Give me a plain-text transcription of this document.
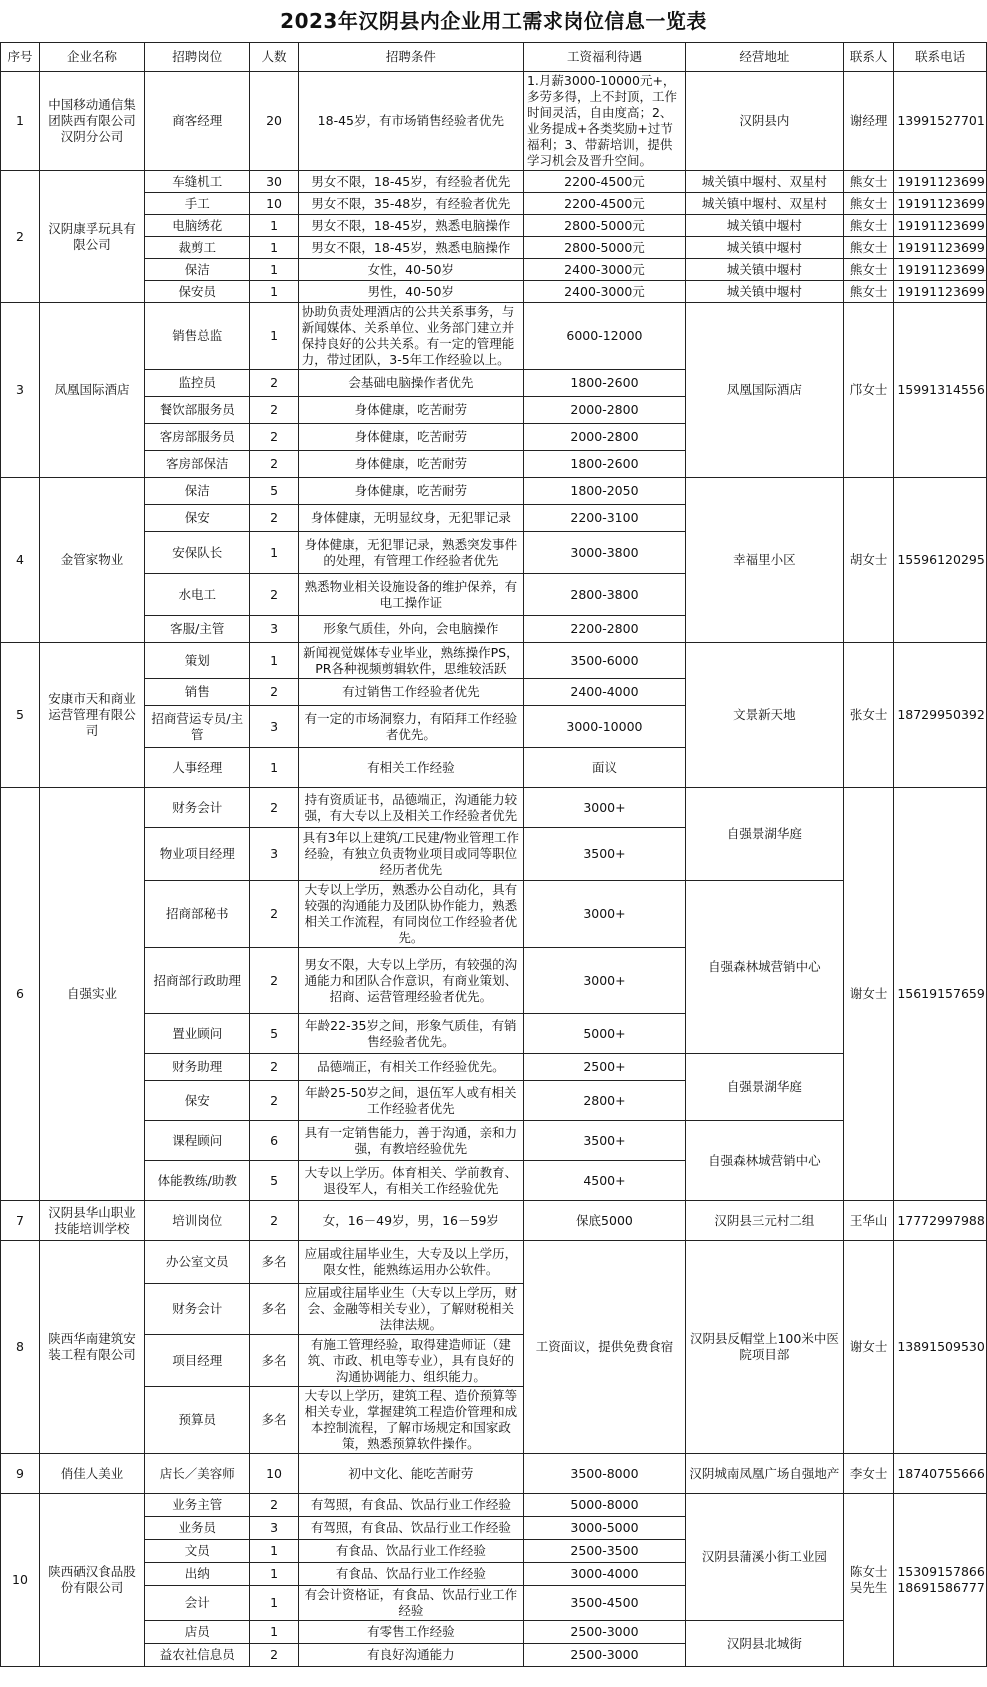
2023年汉阴县内企业用工需求岗位信息一览表
序号	企业名称	招聘岗位	人数	招聘条件	工资福利待遇	经营地址	联系人	联系电话
1	中国移动通信集团陕西有限公司汉阴分公司	商客经理	20	18-45岁，有市场销售经验者优先	1.月薪3000-10000元+，多劳多得，上不封顶，工作时间灵活，自由度高；2、业务提成+各类奖励+过节福利；3、带薪培训，提供学习机会及晋升空间。	汉阴县内	谢经理	13991527701
2	汉阴康孚玩具有限公司	车缝机工	30	男女不限，18-45岁，有经验者优先	2200-4500元	城关镇中堰村、双星村	熊女士	19191123699
		手工	10	男女不限，35-48岁，有经验者优先	2200-4500元	城关镇中堰村、双星村	熊女士	19191123699
		电脑绣花	1	男女不限，18-45岁，熟悉电脑操作	2800-5000元	城关镇中堰村	熊女士	19191123699
		裁剪工	1	男女不限，18-45岁，熟悉电脑操作	2800-5000元	城关镇中堰村	熊女士	19191123699
		保洁	1	女性，40-50岁	2400-3000元	城关镇中堰村	熊女士	19191123699
		保安员	1	男性，40-50岁	2400-3000元	城关镇中堰村	熊女士	19191123699
3	凤凰国际酒店	销售总监	1	协助负责处理酒店的公共关系事务，与新闻媒体、关系单位、业务部门建立并保持良好的公共关系。有一定的管理能力，带过团队，3-5年工作经验以上。	6000-12000	凤凰国际酒店	邝女士	15991314556
		监控员	2	会基础电脑操作者优先	1800-2600			
		餐饮部服务员	2	身体健康，吃苦耐劳	2000-2800			
		客房部服务员	2	身体健康，吃苦耐劳	2000-2800			
		客房部保洁	2	身体健康，吃苦耐劳	1800-2600			
4	金管家物业	保洁	5	身体健康，吃苦耐劳	1800-2050	幸福里小区	胡女士	15596120295
		保安	2	身体健康，无明显纹身，无犯罪记录	2200-3100			
		安保队长	1	身体健康，无犯罪记录，熟悉突发事件的处理，有管理工作经验者优先	3000-3800			
		水电工	2	熟悉物业相关设施设备的维护保养，有电工操作证	2800-3800			
		客服/主管	3	形象气质佳，外向，会电脑操作	2200-2800			
5	安康市天和商业运营管理有限公司	策划	1	新闻视觉媒体专业毕业，熟练操作PS，PR各种视频剪辑软件，思维较活跃	3500-6000	文景新天地	张女士	18729950392
		销售	2	有过销售工作经验者优先	2400-4000			
		招商营运专员/主管	3	有一定的市场洞察力，有陌拜工作经验者优先。	3000-10000			
		人事经理	1	有相关工作经验	面议			
6	自强实业	财务会计	2	持有资质证书，品德端正，沟通能力较强，有大专以上及相关工作经验者优先	3000+	自强景湖华庭	谢女士	15619157659
		物业项目经理	3	具有3年以上建筑/工民建/物业管理工作经验，有独立负责物业项目或同等职位经历者优先	3500+			
		招商部秘书	2	大专以上学历，熟悉办公自动化，具有较强的沟通能力及团队协作能力，熟悉相关工作流程，有同岗位工作经验者优先。	3000+	自强森林城营销中心		
		招商部行政助理	2	男女不限，大专以上学历，有较强的沟通能力和团队合作意识，有商业策划、招商、运营管理经验者优先。	3000+			
		置业顾问	5	年龄22-35岁之间，形象气质佳，有销售经验者优先。	5000+			
		财务助理	2	品德端正，有相关工作经验优先。	2500+	自强景湖华庭		
		保安	2	年龄25-50岁之间，退伍军人或有相关工作经验者优先	2800+			
		课程顾问	6	具有一定销售能力，善于沟通，亲和力强，有教培经验优先	3500+	自强森林城营销中心		
		体能教练/助教	5	大专以上学历。体育相关、学前教育、退役军人，有相关工作经验优先	4500+			
7	汉阴县华山职业技能培训学校	培训岗位	2	女，16－49岁，男，16－59岁	保底5000	汉阴县三元村二组	王华山	17772997988
8	陕西华南建筑安装工程有限公司	办公室文员	多名	应届或往届毕业生，大专及以上学历，限女性，能熟练运用办公软件。	工资面议，提供免费食宿	汉阴县反帽堂上100米中医院项目部	谢女士	13891509530
		财务会计	多名	应届或往届毕业生（大专以上学历，财会、金融等相关专业），了解财税相关法律法规。				
		项目经理	多名	有施工管理经验，取得建造师证（建筑、市政、机电等专业），具有良好的沟通协调能力、组织能力。				
		预算员	多名	大专以上学历，建筑工程、造价预算等相关专业，掌握建筑工程造价管理和成本控制流程，了解市场规定和国家政策，熟悉预算软件操作。				
9	俏佳人美业	店长／美容师	10	初中文化、能吃苦耐劳	3500-8000	汉阴城南凤凰广场自强地产	李女士	18740755666
10	陕西硒汉食品股份有限公司	业务主管	2	有驾照，有食品、饮品行业工作经验	5000-8000	汉阴县蒲溪小街工业园	陈女士 吴先生	15309157866 18691586777
		业务员	3	有驾照，有食品、饮品行业工作经验	3000-5000			
		文员	1	有食品、饮品行业工作经验	2500-3500			
		出纳	1	有食品、饮品行业工作经验	3000-4000			
		会计	1	有会计资格证，有食品、饮品行业工作经验	3500-4500			
		店员	1	有零售工作经验	2500-3000	汉阴县北城街		
		益农社信息员	2	有良好沟通能力	2500-3000			
